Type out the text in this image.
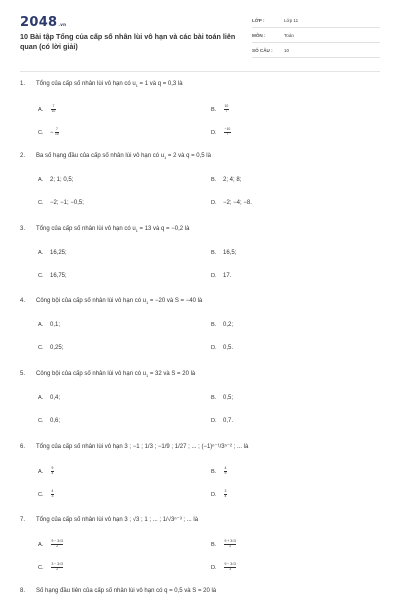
2048.vn
10 Bài tập Tổng của cấp số nhân lùi vô hạn và các bài toán liên quan (có lời giải)
LỚP :	Lớp 11
MÔN :	Toán
SỐ CÂU :	10
1. Tổng của cấp số nhân lùi vô hạn có $u_1 = 1$ và q = 0,3 là
A. $\frac{7}{10}$	B. $\frac{10}{7}$
C. − $\frac{7}{10}$	D. $\frac{-10}{7}$
2. Ba số hạng đầu của cấp số nhân lùi vô hạn có $u_1 = 2$ và q = 0,5 là
A. 2; 1; 0,5;	B. 2; 4; 8;
C. −2; −1; −0,5;	D. −2; −4; −8.
3. Tổng của cấp số nhân lùi vô hạn có $u_1 = 13$ và q = −0,2 là
A. 16,25;	B. 16,5;
C. 16,75;	D. 17.
4. Công bội của cấp số nhân lùi vô hạn có $u_1 = -20$ và S = −40 là
A. 0,1;	B. 0,2;
C. 0,25;	D. 0,5.
5. Công bội của cấp số nhân lùi vô hạn có $u_1 = 32$ và S = 20 là
A. 0,4;	B. 0,5;
C. 0,6;	D. 0,7.
6. Tổng của cấp số nhân lùi vô hạn 3 ; −1 ; 1/3 ; −1/9 ; 1/27 ; ... ; (−1)ⁿ⁻¹/3ⁿ⁻² ; ... là
A. $\frac{9}{4}$	B. $\frac{4}{9}$
C. $\frac{4}{3}$	D. $\frac{3}{4}$
7. Tổng của cấp số nhân lùi vô hạn 3 ; √3 ; 1 ; ... ; 1/√3ⁿ⁻³ ; ... là
A. $\frac{9 - 3√3}{2}$	B. $\frac{9 + 3√3}{2}$
C. $\frac{3 - 3√3}{2}$	D. $\frac{9 - 3√3}{3}$
8. Số hạng đầu tiên của cấp số nhân lùi vô hạn có q = 0,5 và S = 20 là
